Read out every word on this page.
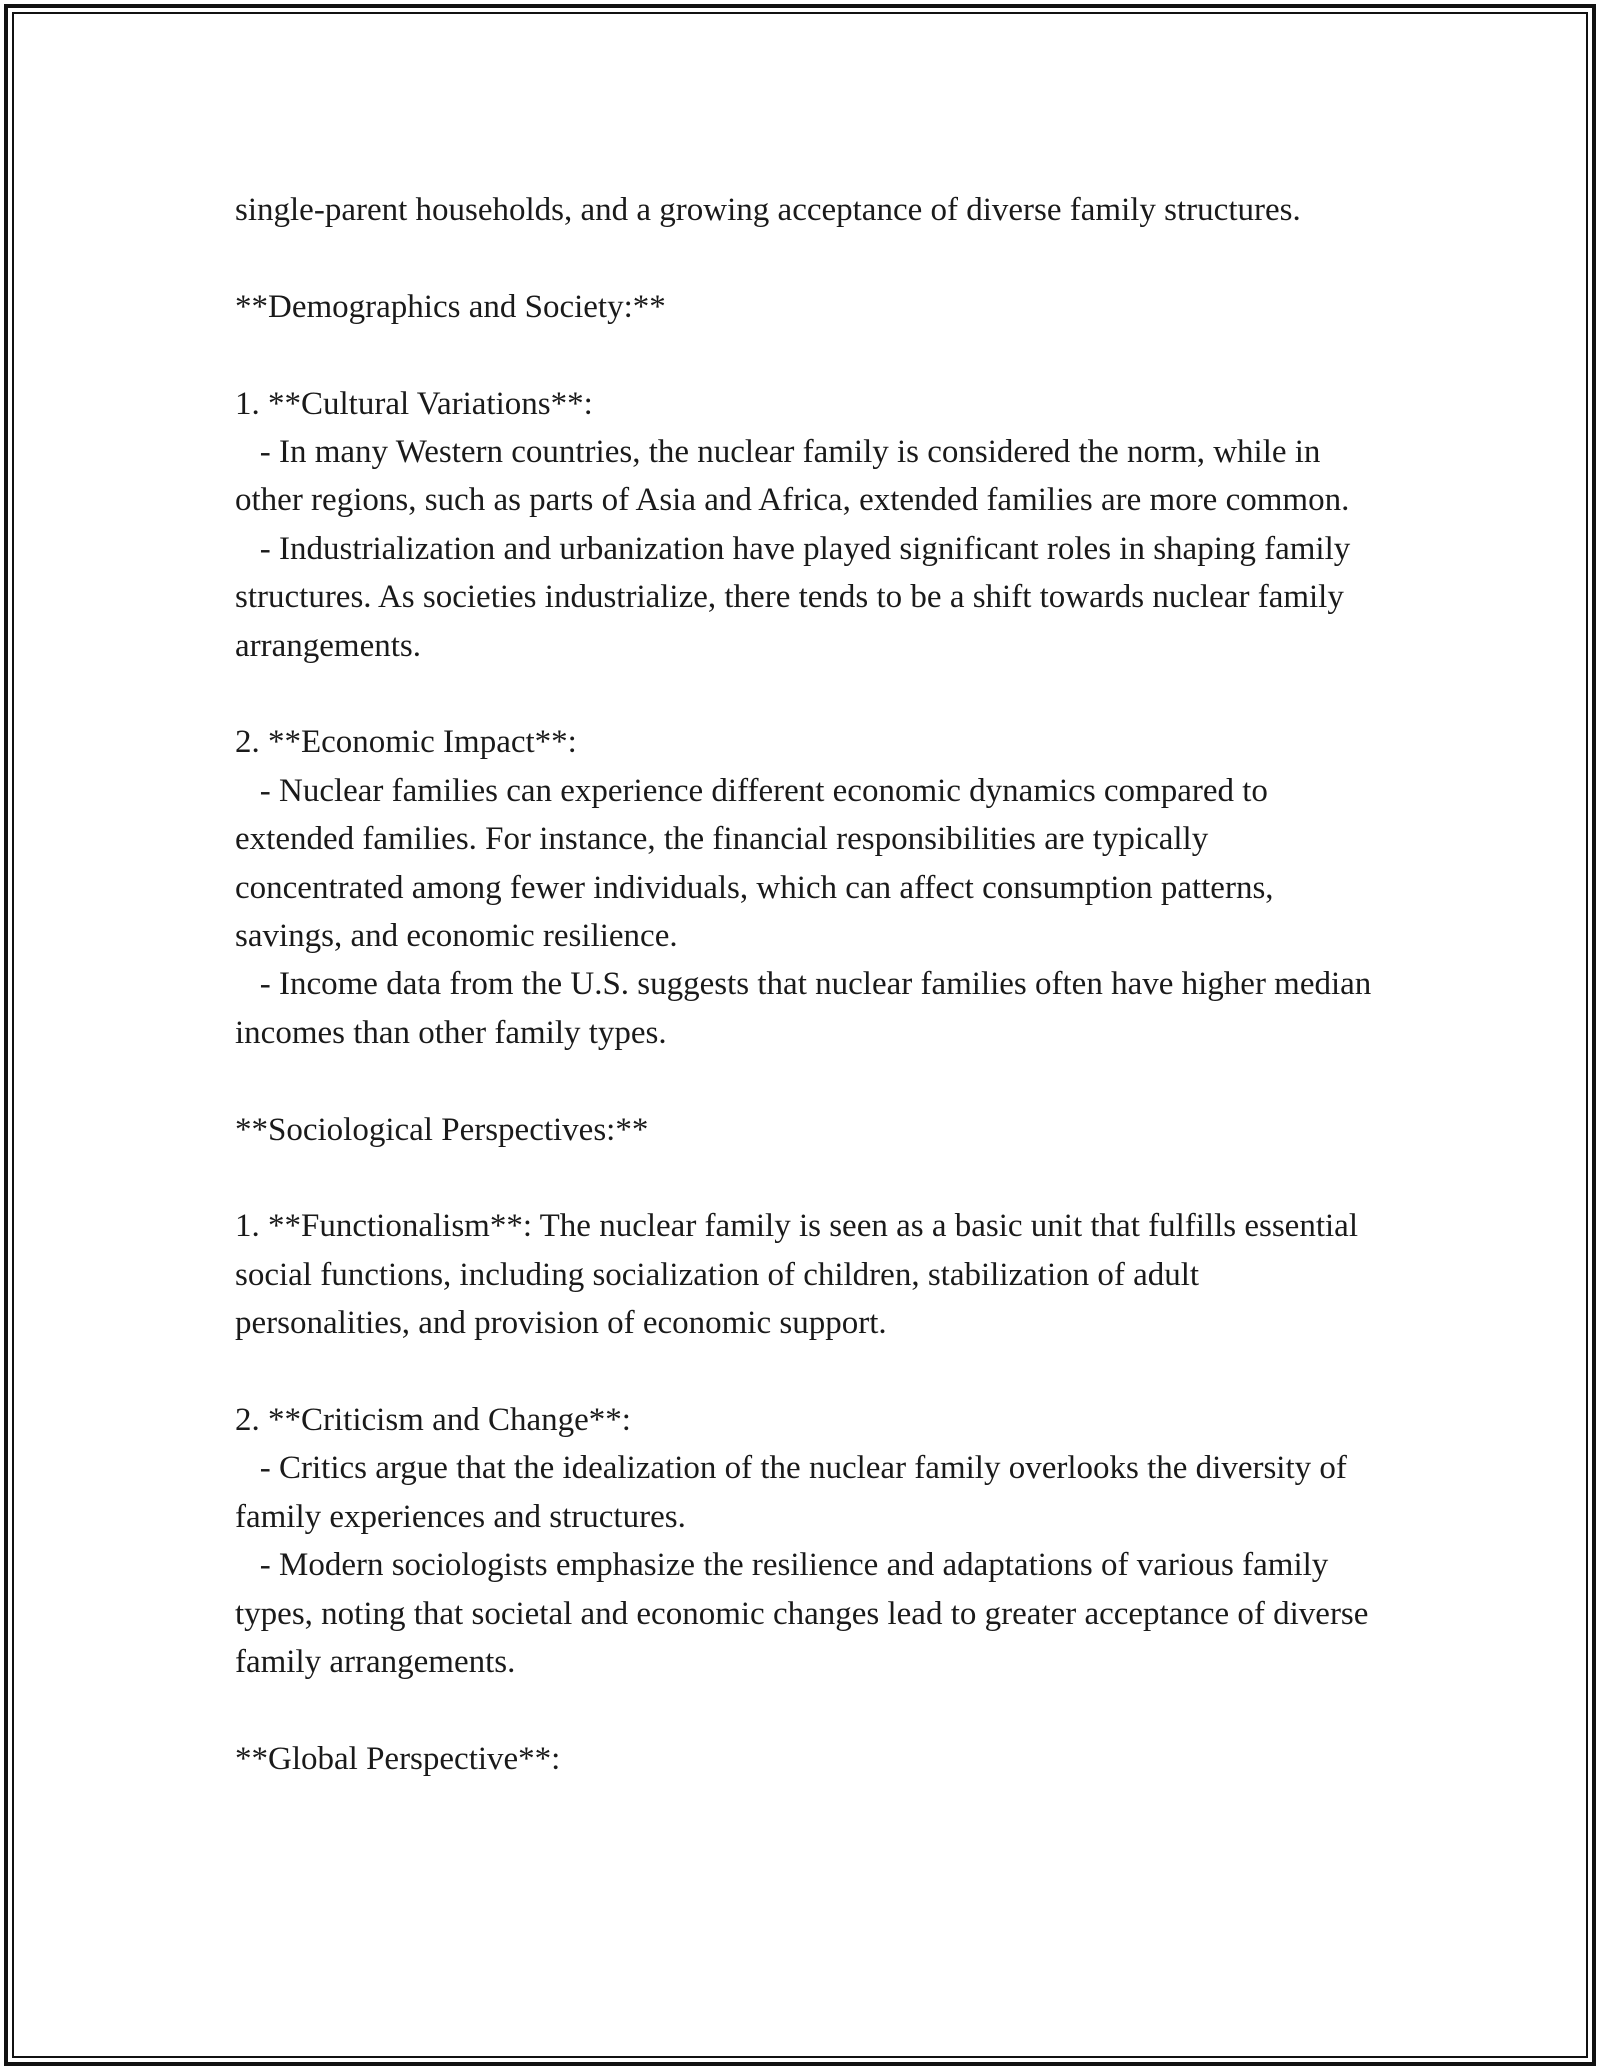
single-parent households, and a growing acceptance of diverse family structures.
**Demographics and Society:**
1. **Cultural Variations**:
- In many Western countries, the nuclear family is considered the norm, while in other regions, such as parts of Asia and Africa, extended families are more common.
- Industrialization and urbanization have played significant roles in shaping family structures. As societies industrialize, there tends to be a shift towards nuclear family arrangements.
2. **Economic Impact**:
- Nuclear families can experience different economic dynamics compared to extended families. For instance, the financial responsibilities are typically concentrated among fewer individuals, which can affect consumption patterns, savings, and economic resilience.
- Income data from the U.S. suggests that nuclear families often have higher median incomes than other family types.
**Sociological Perspectives:**
1. **Functionalism**: The nuclear family is seen as a basic unit that fulfills essential social functions, including socialization of children, stabilization of adult personalities, and provision of economic support.
2. **Criticism and Change**:
- Critics argue that the idealization of the nuclear family overlooks the diversity of family experiences and structures.
- Modern sociologists emphasize the resilience and adaptations of various family types, noting that societal and economic changes lead to greater acceptance of diverse family arrangements.
**Global Perspective**:
